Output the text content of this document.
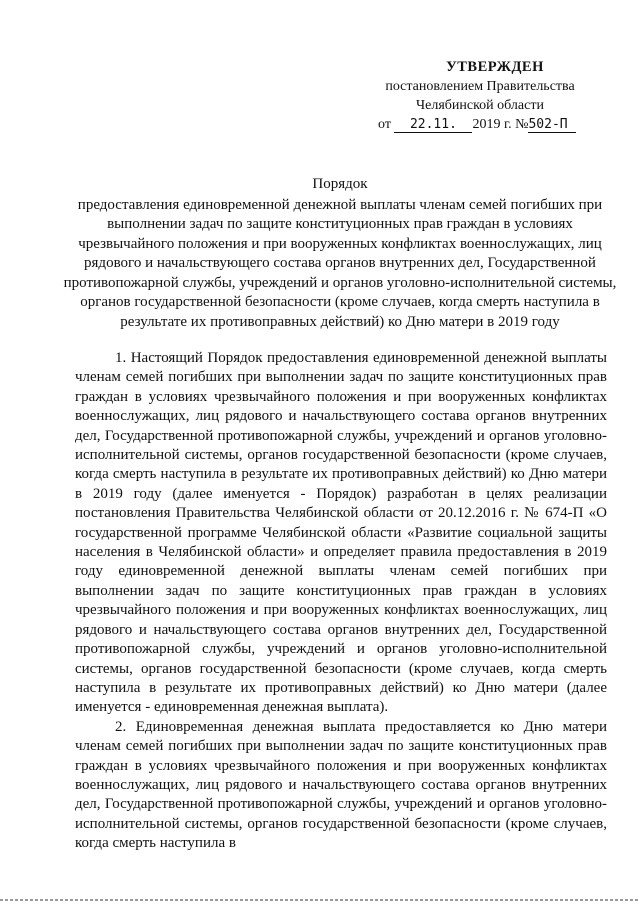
УТВЕРЖДЕН
постановлением Правительства
Челябинской области
от 22.11. 2019 г. №502-П
Порядок
предоставления единовременной денежной выплаты членам семей погибших при выполнении задач по защите конституционных прав граждан в условиях чрезвычайного положения и при вооруженных конфликтах военнослужащих, лиц рядового и начальствующего состава органов внутренних дел, Государственной противопожарной службы, учреждений и органов уголовно-исполнительной системы, органов государственной безопасности (кроме случаев, когда смерть наступила в результате их противоправных действий) ко Дню матери в 2019 году

1. Настоящий Порядок предоставления единовременной денежной выплаты членам семей погибших при выполнении задач по защите конституционных прав граждан в условиях чрезвычайного положения и при вооруженных конфликтах военнослужащих, лиц рядового и начальствующего состава органов внутренних дел, Государственной противопожарной службы, учреждений и органов уголовно-исполнительной системы, органов государственной безопасности (кроме случаев, когда смерть наступила в результате их противоправных действий) ко Дню матери в 2019 году (далее именуется - Порядок) разработан в целях реализации постановления Правительства Челябинской области от 20.12.2016 г. № 674-П «О государственной программе Челябинской области «Развитие социальной защиты населения в Челябинской области» и определяет правила предоставления в 2019 году единовременной денежной выплаты членам семей погибших при выполнении задач по защите конституционных прав граждан в условиях чрезвычайного положения и при вооруженных конфликтах военнослужащих, лиц рядового и начальствующего состава органов внутренних дел, Государственной противопожарной службы, учреждений и органов уголовно-исполнительной системы, органов государственной безопасности (кроме случаев, когда смерть наступила в результате их противоправных действий) ко Дню матери (далее именуется - единовременная денежная выплата).

2. Единовременная денежная выплата предоставляется ко Дню матери членам семей погибших при выполнении задач по защите конституционных прав граждан в условиях чрезвычайного положения и при вооруженных конфликтах военнослужащих, лиц рядового и начальствующего состава органов внутренних дел, Государственной противопожарной службы, учреждений и органов уголовно-исполнительной системы, органов государственной безопасности (кроме случаев, когда смерть наступила в
